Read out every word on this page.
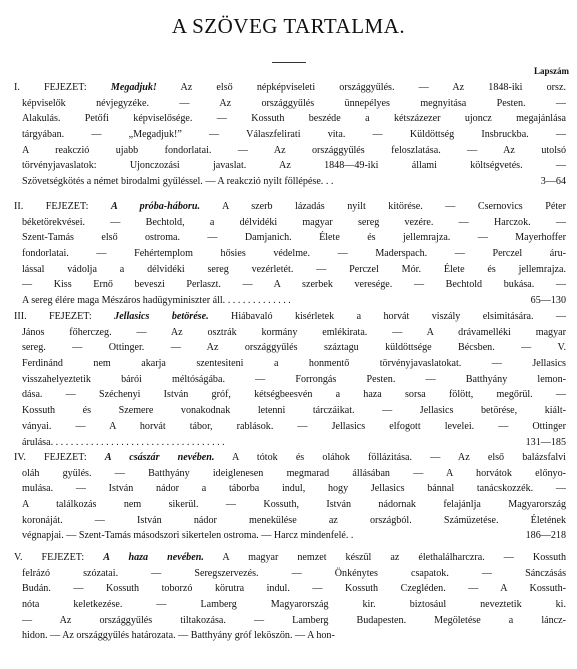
A SZÖVEG TARTALMA.
Lapszám
I. FEJEZET: Megadjuk! Az első népképviseleti országgyűlés. — Az 1848-iki orsz.
képviselők névjegyzéke. — Az országgyűlés ünnepélyes megnyitása Pesten. —
Alakulás. Petőfi képviselősége. — Kossuth beszéde a kétszázezer ujoncz megajánlása
tárgyában. — „Megadjuk!” — Válaszfelirati vita. — Küldöttség Insbruckba. —
A reakczió ujabb fondorlatai. — Az országgyűlés feloszlatása. — Az utolsó
törvényjavaslatok: Ujonczozási javaslat. Az 1848—49-iki állami költségvetés. —
Szövetségkötés a német birodalmi gyűléssel. — A reakczió nyilt föllépése. . .	3—64
II. FEJEZET: A próba-háboru. A szerb lázadás nyilt kitörése. — Csernovics Péter
béketörekvései. — Bechtold, a délvidéki magyar sereg vezére. — Harczok. —
Szent-Tamás első ostroma. — Damjanich. Élete és jellemrajza. — Mayerhoffer
fondorlatai. — Fehértemplom hősies védelme. — Maderspach. — Perczel áru-
lással vádolja a délvidéki sereg vezérletét. — Perczel Mór. Élete és jellemrajza.
— Kiss Ernő beveszi Perlaszt. — A szerbek veresége. — Bechtold bukása. —
A sereg élére maga Mészáros hadügyminiszter áll. . . . . . . . . . . . . .	65—130
III. FEJEZET: Jellasics betörése. Hiábavaló kisérletek a horvát viszály elsimitására. —
János főherczeg. — Az osztrák kormány emlékirata. — A drávamelléki magyar
sereg. — Ottinger. — Az országgyűlés száztagu küldöttsége Bécsben. — V.
Ferdinánd nem akarja szentesiteni a honmentő törvényjavaslatokat. — Jellasics
visszahelyeztetik bárói méltóságába. — Forrongás Pesten. — Batthyány lemon-
dása. — Széchenyi István gróf, kétségbeesvén a haza sorsa fölött, megőrül. —
Kossuth és Szemere vonakodnak letenni tárczáikat. — Jellasics betörése, kiált-
ványai. — A horvát tábor, rablások. — Jellasics elfogott levelei. — Ottinger
árulása. . . . . . . . . . . . . . . . . . . . . . . . . . . . . . . . . . .	131—185
IV. FEJEZET: A császár nevében. A tótok és oláhok föllázitása. — Az első balázsfalvi
oláh gyülés. — Batthyány ideiglenesen megmarad állásában — A horvátok előnyo-
mulása. — István nádor a táborba indul, hogy Jellasics bánnal tanácskozzék. —
A találkozás nem sikerül. — Kossuth, István nádornak felajánlja Magyarország
koronáját. — István nádor menekülése az országból. Számüzetése. Életének
végnapjai. — Szent-Tamás másodszori sikertelen ostroma. — Harcz mindenfelé. .	186—218
V. FEJEZET: A haza nevében. A magyar nemzet készül az élethalálharczra. — Kossuth
felrázó szózatai. — Seregszervezés. — Önkénytes csapatok. — Sánczásás
Budán. — Kossuth toborzó körutra indul. — Kossuth Czegléden. — A Kossuth-
nóta keletkezése. — Lamberg Magyarország kir. biztosául neveztetik ki.
— Az országgyűlés tiltakozása. — Lamberg Budapesten. Megöletése a láncz-
hidon. — Az országgyűlés határozata. — Batthyány gróf leköszön. — A hon-
